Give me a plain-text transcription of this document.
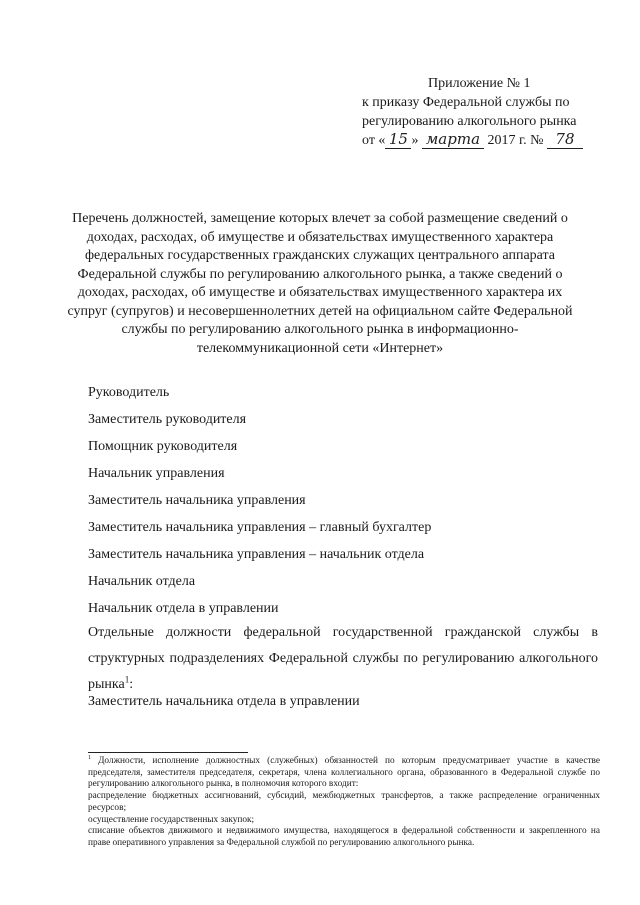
Приложение № 1
к приказу Федеральной службы по
регулированию алкогольного рынка
от « 15 » марта 2017 г. № 78
Перечень должностей, замещение которых влечет за собой размещение сведений о доходах, расходах, об имуществе и обязательствах имущественного характера федеральных государственных гражданских служащих центрального аппарата Федеральной службы по регулированию алкогольного рынка, а также сведений о доходах, расходах, об имуществе и обязательствах имущественного характера их супруг (супругов) и несовершеннолетних детей на официальном сайте Федеральной службы по регулированию алкогольного рынка в информационно-телекоммуникационной сети «Интернет»
Руководитель
Заместитель руководителя
Помощник руководителя
Начальник управления
Заместитель начальника управления
Заместитель начальника управления – главный бухгалтер
Заместитель начальника управления – начальник отдела
Начальник отдела
Начальник отдела в управлении
Отдельные должности федеральной государственной гражданской службы в структурных подразделениях Федеральной службы по регулированию алкогольного рынка$^1$:
Заместитель начальника отдела в управлении

$^1$ Должности, исполнение должностных (служебных) обязанностей по которым предусматривает участие в качестве председателя, заместителя председателя, секретаря, члена коллегиального органа, образованного в Федеральной службе по регулированию алкогольного рынка, в полномочия которого входит:

распределение бюджетных ассигнований, субсидий, межбюджетных трансфертов, а также распределение ограниченных ресурсов;

осуществление государственных закупок;

списание объектов движимого и недвижимого имущества, находящегося в федеральной собственности и закрепленного на праве оперативного управления за Федеральной службой по регулированию алкогольного рынка.
